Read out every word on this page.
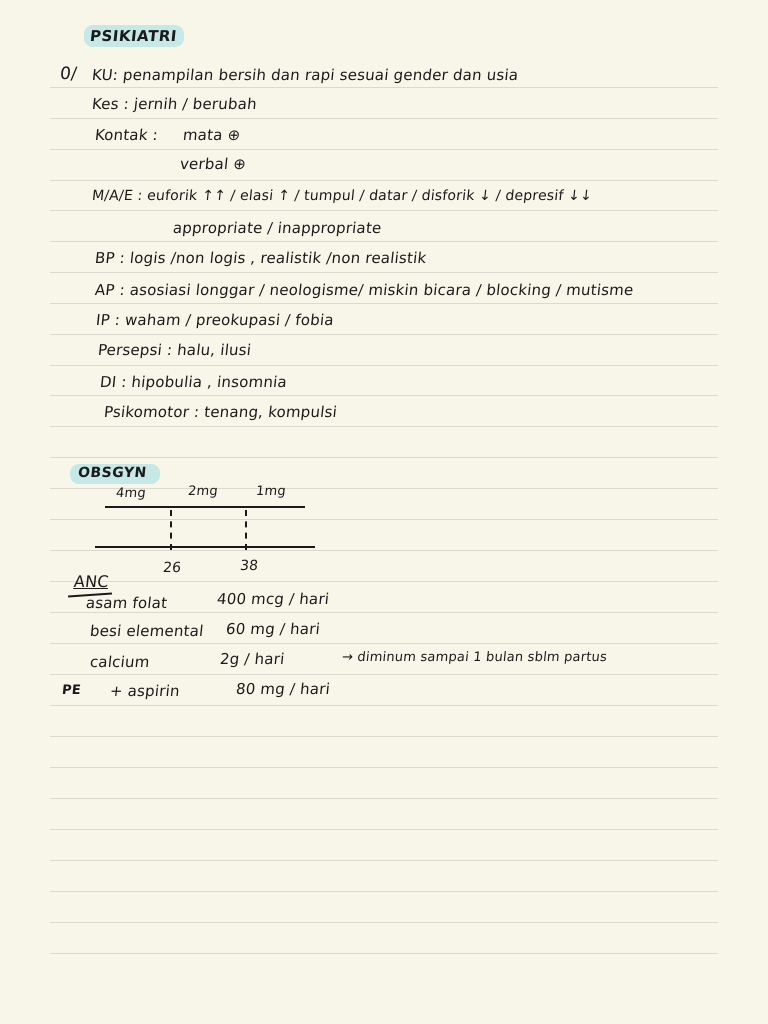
PSIKIATRI
0/ KU: penampilan bersih dan rapi sesuai gender dan usia
Kes : jernih / berubah
Kontak : mata ⊕
verbal ⊕
M/A/E : euforik ↑↑ / elasi ↑ / tumpul / datar / disforik ↓ / depresif ↓↓
appropriate / inappropriate
BP : logis /non logis , realistik /non realistik
AP : asosiasi longgar / neologisme/ miskin bicara / blocking / mutisme
IP : waham / preokupasi / fobia
Persepsi : halu, ilusi
DI : hipobulia , insomnia
Psikomotor : tenang, kompulsi
OBSGYN
4mg	2mg	1mg
26	38
ANC
asam folat	400 mcg / hari
besi elemental 60 mg / hari
calcium	2g / hari	→ diminum sampai 1 bulan sblm partus
PE + aspirin	80 mg / hari
